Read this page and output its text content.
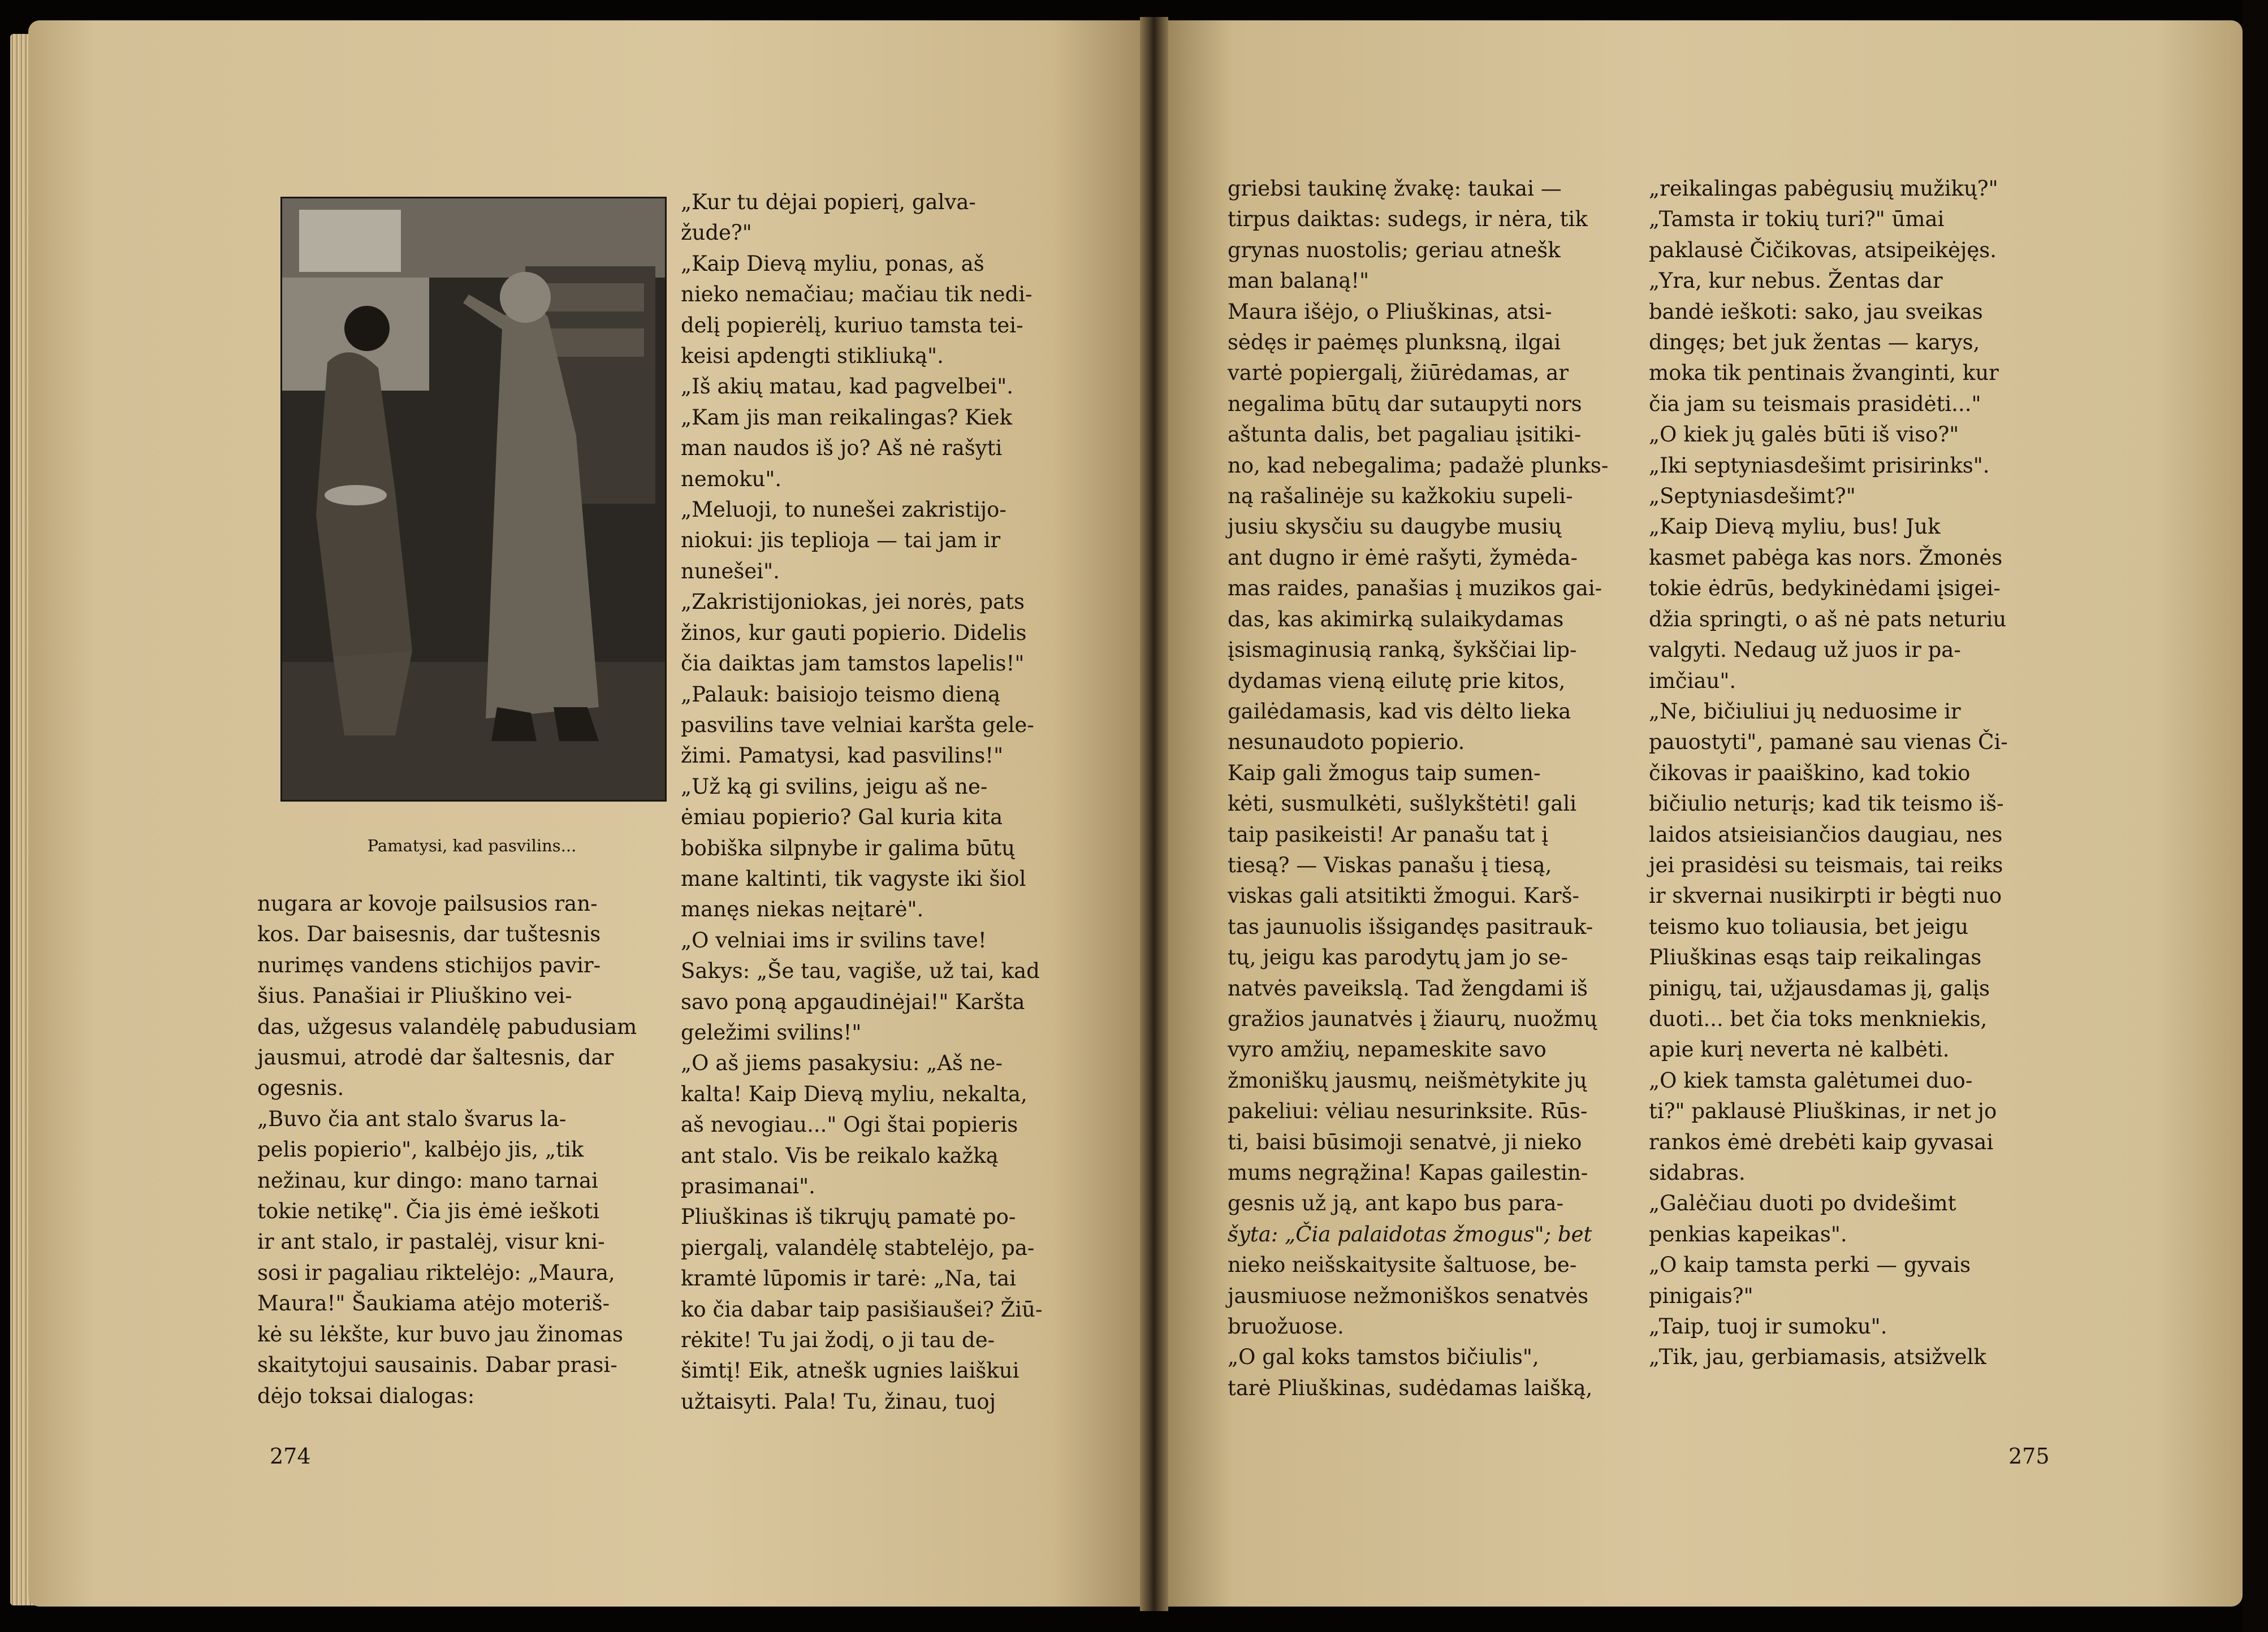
Pamatysi, kad pasvilins...

nugara ar kovoje pailsusios ran-

kos. Dar baisesnis, dar tuštesnis

nurimęs vandens stichijos pavir-

šius. Panašiai ir Pliuškino vei-

das, užgesus valandėlę pabudusiam

jausmui, atrodė dar šaltesnis, dar

ogesnis.

„Buvo čia ant stalo švarus la-

pelis popierio", kalbėjo jis, „tik

nežinau, kur dingo: mano tarnai

tokie netikę". Čia jis ėmė ieškoti

ir ant stalo, ir pastalėj, visur kni-

sosi ir pagaliau riktelėjo: „Maura,

Maura!" Šaukiama atėjo moteriš-

kė su lėkšte, kur buvo jau žinomas

skaitytojui sausainis. Dabar prasi-

dėjo toksai dialogas:

„Kur tu dėjai popierį, galva-

žude?"

„Kaip Dievą myliu, ponas, aš

nieko nemačiau; mačiau tik nedi-

delį popierėlį, kuriuo tamsta tei-

keisi apdengti stikliuką".

„Iš akių matau, kad pagvelbei".

„Kam jis man reikalingas? Kiek

man naudos iš jo? Aš nė rašyti

nemoku".

„Meluoji, to nunešei zakristijo-

niokui: jis teplioja — tai jam ir

nunešei".

„Zakristijoniokas, jei norės, pats

žinos, kur gauti popierio. Didelis

čia daiktas jam tamstos lapelis!"

„Palauk: baisiojo teismo dieną

pasvilins tave velniai karšta gele-

žimi. Pamatysi, kad pasvilins!"

„Už ką gi svilins, jeigu aš ne-

ėmiau popierio? Gal kuria kita

bobiška silpnybe ir galima būtų

mane kaltinti, tik vagyste iki šiol

manęs niekas neįtarė".

„O velniai ims ir svilins tave!

Sakys: „Še tau, vagiše, už tai, kad

savo poną apgaudinėjai!" Karšta

geležimi svilins!"

„O aš jiems pasakysiu: „Aš ne-

kalta! Kaip Dievą myliu, nekalta,

aš nevogiau..." Ogi štai popieris

ant stalo. Vis be reikalo kažką

prasimanai".

Pliuškinas iš tikrųjų pamatė po-

piergalį, valandėlę stabtelėjo, pa-

kramtė lūpomis ir tarė: „Na, tai

ko čia dabar taip pasišiaušei? Žiū-

rėkite! Tu jai žodį, o ji tau de-

šimtį! Eik, atnešk ugnies laiškui

užtaisyti. Pala! Tu, žinau, tuoj

274

griebsi taukinę žvakę: taukai —

tirpus daiktas: sudegs, ir nėra, tik

grynas nuostolis; geriau atnešk

man balaną!"

Maura išėjo, o Pliuškinas, atsi-

sėdęs ir paėmęs plunksną, ilgai

vartė popiergalį, žiūrėdamas, ar

negalima būtų dar sutaupyti nors

aštunta dalis, bet pagaliau įsitiki-

no, kad nebegalima; padažė plunks-

ną rašalinėje su kažkokiu supeli-

jusiu skysčiu su daugybe musių

ant dugno ir ėmė rašyti, žymėda-

mas raides, panašias į muzikos gai-

das, kas akimirką sulaikydamas

įsismaginusią ranką, šykščiai lip-

dydamas vieną eilutę prie kitos,

gailėdamasis, kad vis dėlto lieka

nesunaudoto popierio.

Kaip gali žmogus taip sumen-

kėti, susmulkėti, sušlykštėti! gali

taip pasikeisti! Ar panašu tat į

tiesą? — Viskas panašu į tiesą,

viskas gali atsitikti žmogui. Karš-

tas jaunuolis išsigandęs pasitrauk-

tų, jeigu kas parodytų jam jo se-

natvės paveikslą. Tad žengdami iš

gražios jaunatvės į žiaurų, nuožmų

vyro amžių, nepameskite savo

žmoniškų jausmų, neišmėtykite jų

pakeliui: vėliau nesurinksite. Rūs-

ti, baisi būsimoji senatvė, ji nieko

mums negrąžina! Kapas gailestin-

gesnis už ją, ant kapo bus para-

šyta: „Čia palaidotas žmogus"; bet

nieko neišskaitysite šaltuose, be-

jausmiuose nežmoniškos senatvės

bruožuose.

„O gal koks tamstos bičiulis",

tarė Pliuškinas, sudėdamas laišką,

„reikalingas pabėgusių mužikų?"

„Tamsta ir tokių turi?" ūmai

paklausė Čičikovas, atsipeikėjęs.

„Yra, kur nebus. Žentas dar

bandė ieškoti: sako, jau sveikas

dingęs; bet juk žentas — karys,

moka tik pentinais žvanginti, kur

čia jam su teismais prasidėti..."

„O kiek jų galės būti iš viso?"

„Iki septyniasdešimt prisirinks".

„Septyniasdešimt?"

„Kaip Dievą myliu, bus! Juk

kasmet pabėga kas nors. Žmonės

tokie ėdrūs, bedykinėdami įsigei-

džia springti, o aš nė pats neturiu

valgyti. Nedaug už juos ir pa-

imčiau".

„Ne, bičiuliui jų neduosime ir

pauostyti", pamanė sau vienas Či-

čikovas ir paaiškino, kad tokio

bičiulio neturįs; kad tik teismo iš-

laidos atsieisiančios daugiau, nes

jei prasidėsi su teismais, tai reiks

ir skvernai nusikirpti ir bėgti nuo

teismo kuo toliausia, bet jeigu

Pliuškinas esąs taip reikalingas

pinigų, tai, užjausdamas jį, galįs

duoti... bet čia toks menkniekis,

apie kurį neverta nė kalbėti.

„O kiek tamsta galėtumei duo-

ti?" paklausė Pliuškinas, ir net jo

rankos ėmė drebėti kaip gyvasai

sidabras.

„Galėčiau duoti po dvidešimt

penkias kapeikas".

„O kaip tamsta perki — gyvais

pinigais?"

„Taip, tuoj ir sumoku".

„Tik, jau, gerbiamasis, atsižvelk

275
